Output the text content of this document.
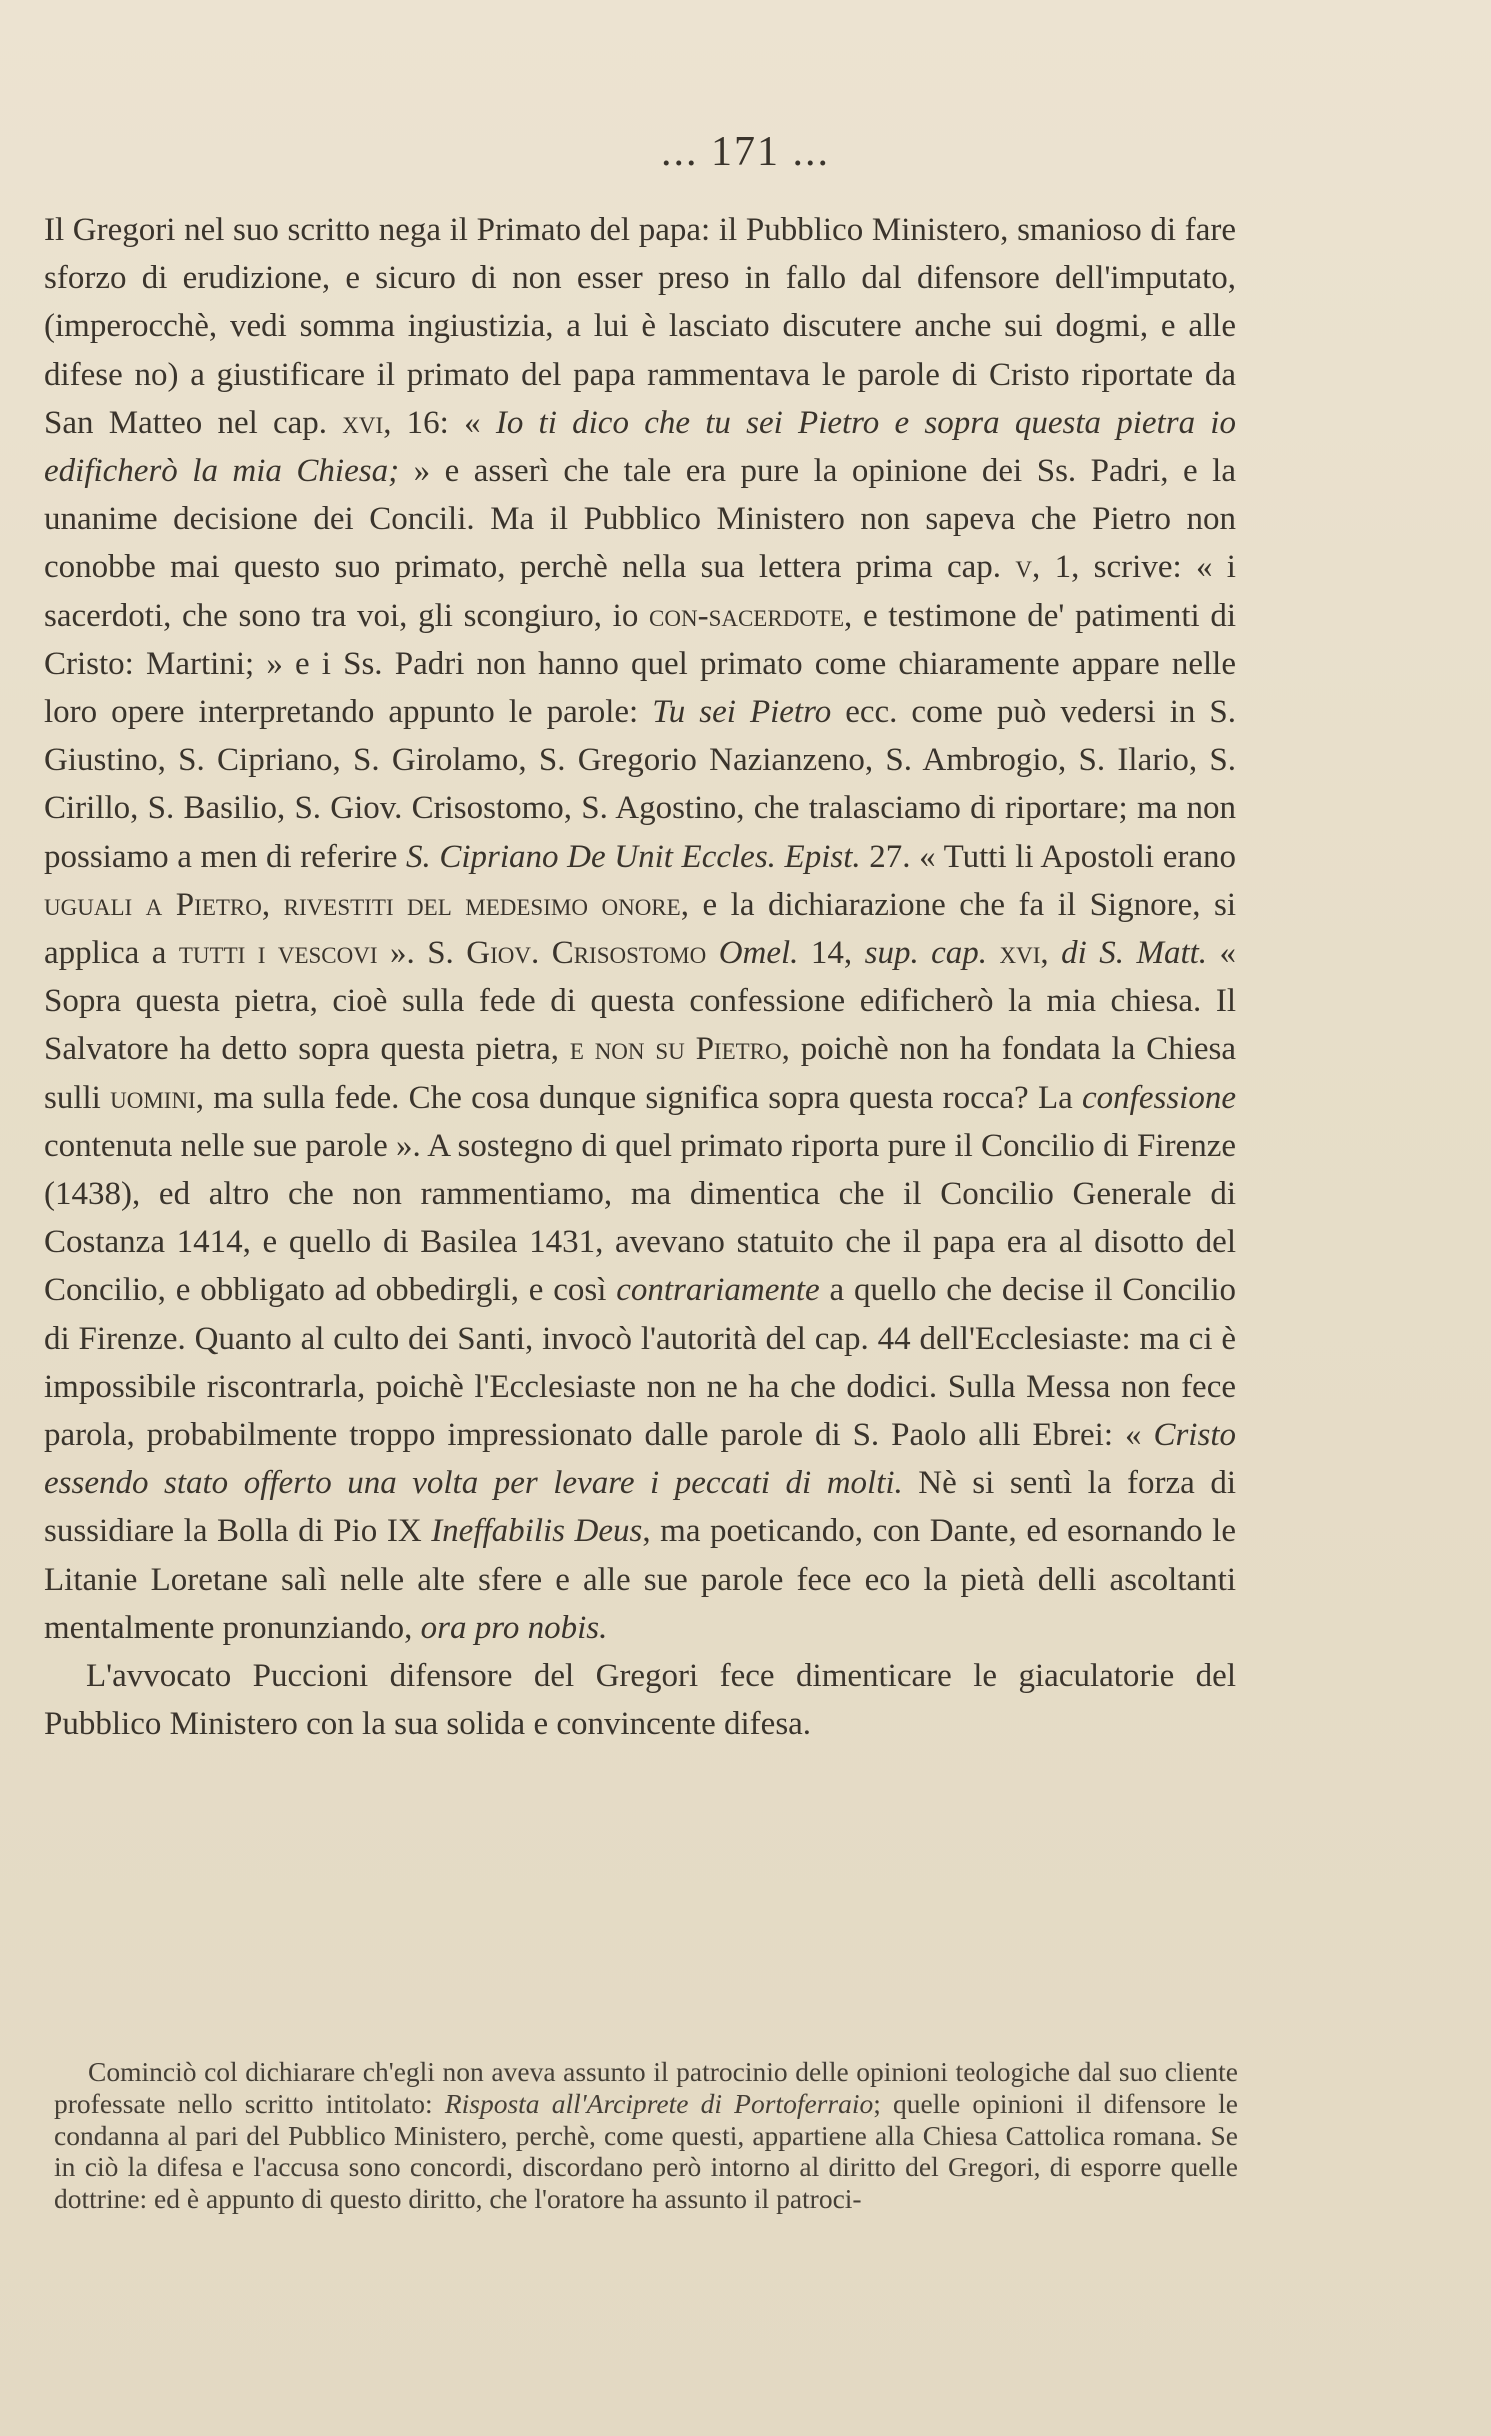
... 171 ...

Il Gregori nel suo scritto nega il Primato del papa: il Pubblico Ministero, smanioso di fare sforzo di erudizione, e sicuro di non esser preso in fallo dal difensore dell'imputato, (imperocchè, vedi somma ingiustizia, a lui è lasciato discutere anche sui dogmi, e alle difese no) a giustificare il primato del papa rammentava le parole di Cristo riportate da San Matteo nel cap. xvi, 16: « Io ti dico che tu sei Pietro e sopra questa pietra io edificherò la mia Chiesa; » e asserì che tale era pure la opinione dei Ss. Padri, e la unanime decisione dei Concili. Ma il Pubblico Ministero non sapeva che Pietro non conobbe mai questo suo primato, perchè nella sua lettera prima cap. v, 1, scrive: « i sacerdoti, che sono tra voi, gli scongiuro, io con-sacerdote, e testimone de' patimenti di Cristo: Martini; » e i Ss. Padri non hanno quel primato come chiaramente appare nelle loro opere interpretando appunto le parole: Tu sei Pietro ecc. come può vedersi in S. Giustino, S. Cipriano, S. Girolamo, S. Gregorio Nazianzeno, S. Ambrogio, S. Ilario, S. Cirillo, S. Basilio, S. Giov. Crisostomo, S. Agostino, che tralasciamo di riportare; ma non possiamo a men di referire S. Cipriano De Unit Eccles. Epist. 27. « Tutti li Apostoli erano uguali a Pietro, rivestiti del medesimo onore, e la dichiarazione che fa il Signore, si applica a tutti i vescovi ». S. Giov. Crisostomo Omel. 14, sup. cap. xvi, di S. Matt. « Sopra questa pietra, cioè sulla fede di questa confessione edificherò la mia chiesa. Il Salvatore ha detto sopra questa pietra, e non su Pietro, poichè non ha fondata la Chiesa sulli uomini, ma sulla fede. Che cosa dunque significa sopra questa rocca? La confessione contenuta nelle sue parole ». A sostegno di quel primato riporta pure il Concilio di Firenze (1438), ed altro che non rammentiamo, ma dimentica che il Concilio Generale di Costanza 1414, e quello di Basilea 1431, avevano statuito che il papa era al disotto del Concilio, e obbligato ad obbedirgli, e così contrariamente a quello che decise il Concilio di Firenze. Quanto al culto dei Santi, invocò l'autorità del cap. 44 dell'Ecclesiaste: ma ci è impossibile riscontrarla, poichè l'Ecclesiaste non ne ha che dodici. Sulla Messa non fece parola, probabilmente troppo impressionato dalle parole di S. Paolo alli Ebrei: « Cristo essendo stato offerto una volta per levare i peccati di molti. Nè si sentì la forza di sussidiare la Bolla di Pio IX Ineffabilis Deus, ma poeticando, con Dante, ed esornando le Litanie Loretane salì nelle alte sfere e alle sue parole fece eco la pietà delli ascoltanti mentalmente pronunziando, ora pro nobis.

L'avvocato Puccioni difensore del Gregori fece dimenticare le giaculatorie del Pubblico Ministero con la sua solida e convincente difesa.

Cominciò col dichiarare ch'egli non aveva assunto il patrocinio delle opinioni teologiche dal suo cliente professate nello scritto intitolato: Risposta all'Arciprete di Portoferraio; quelle opinioni il difensore le condanna al pari del Pubblico Ministero, perchè, come questi, appartiene alla Chiesa Cattolica romana. Se in ciò la difesa e l'accusa sono concordi, discordano però intorno al diritto del Gregori, di esporre quelle dottrine: ed è appunto di questo diritto, che l'oratore ha assunto il patroci-
